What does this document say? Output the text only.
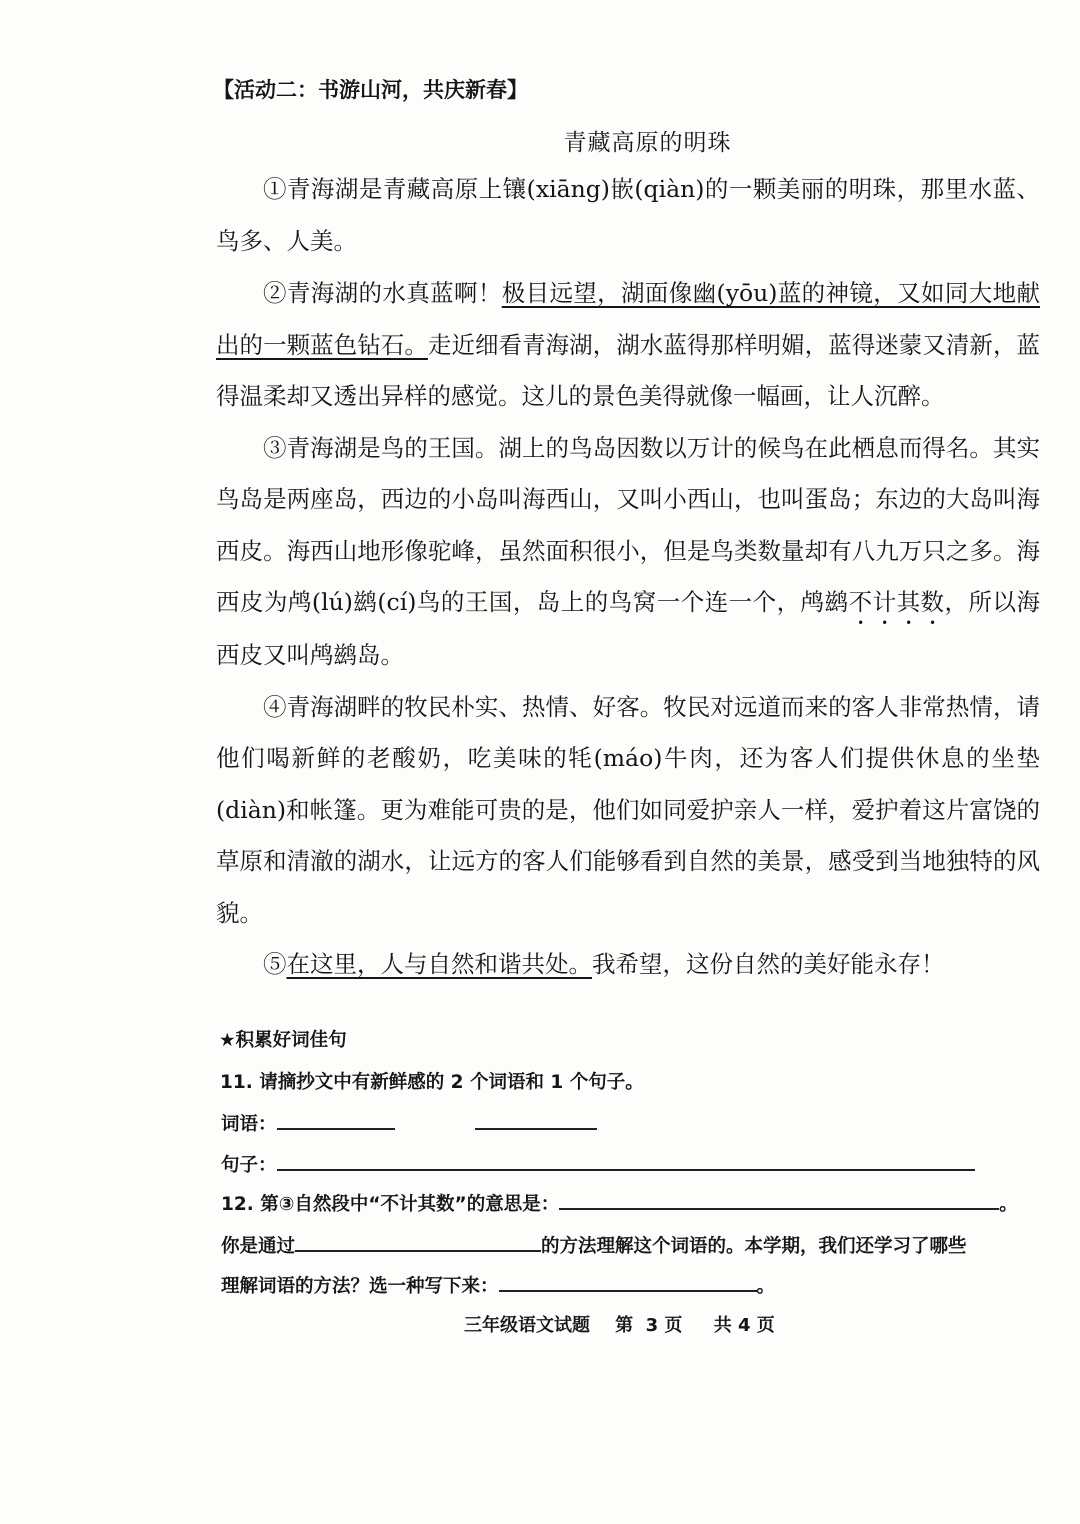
【活动二：书游山河，共庆新春】
青藏高原的明珠

①青海湖是青藏高原上镶(xiāng)嵌(qiàn)的一颗美丽的明珠，那里水蓝、鸟多、人美。

②青海湖的水真蓝啊！极目远望，湖面像幽(yōu)蓝的神镜，又如同大地献出的一颗蓝色钻石。走近细看青海湖，湖水蓝得那样明媚，蓝得迷蒙又清新，蓝得温柔却又透出异样的感觉。这儿的景色美得就像一幅画，让人沉醉。

③青海湖是鸟的王国。湖上的鸟岛因数以万计的候鸟在此栖息而得名。其实鸟岛是两座岛，西边的小岛叫海西山，又叫小西山，也叫蛋岛；东边的大岛叫海西皮。海西山地形像驼峰，虽然面积很小，但是鸟类数量却有八九万只之多。海西皮为鸬(lú)鹚(cí)鸟的王国，岛上的鸟窝一个连一个，鸬鹚不计其数，所以海西皮又叫鸬鹚岛。

④青海湖畔的牧民朴实、热情、好客。牧民对远道而来的客人非常热情，请他们喝新鲜的老酸奶，吃美味的牦(máo)牛肉，还为客人们提供休息的坐垫(diàn)和帐篷。更为难能可贵的是，他们如同爱护亲人一样，爱护着这片富饶的草原和清澈的湖水，让远方的客人们能够看到自然的美景，感受到当地独特的风貌。

⑤在这里，人与自然和谐共处。我希望，这份自然的美好能永存！

★积累好词佳句
11. 请摘抄文中有新鲜感的 2 个词语和 1 个句子。
词语：
句子：
12. 第③自然段中“不计其数”的意思是：	。
你是通过	的方法理解这个词语的。本学期，我们还学习了哪些
理解词语的方法？选一种写下来：	。
三年级语文试题    第  3 页     共 4 页
